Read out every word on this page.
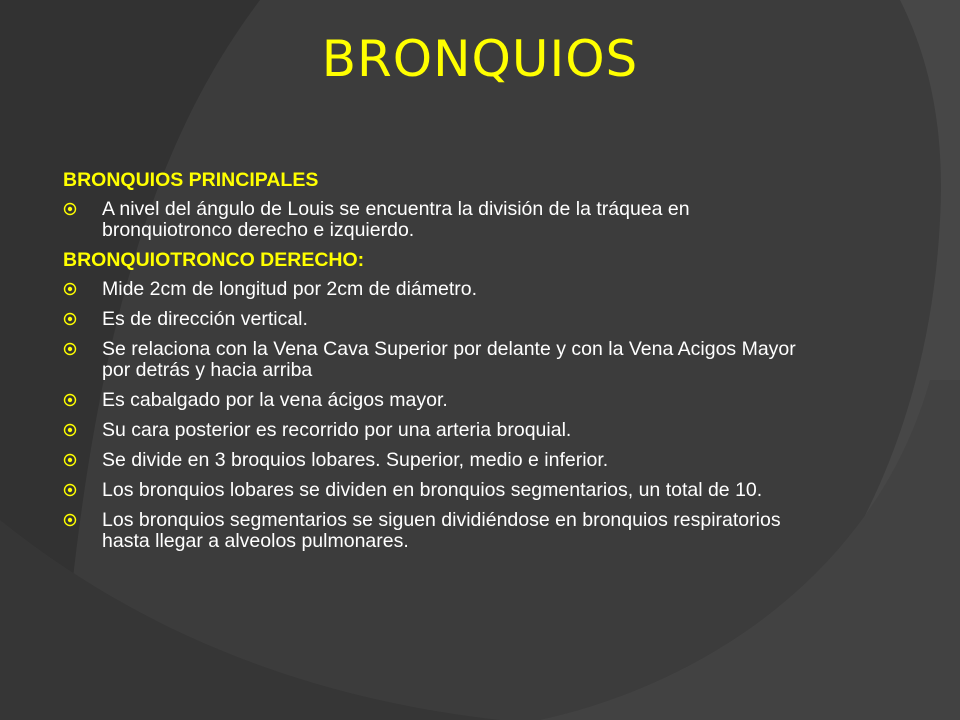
BRONQUIOS
BRONQUIOS PRINCIPALES
A nivel del ángulo de Louis se encuentra la división de la tráquea en bronquiotronco derecho e izquierdo.
BRONQUIOTRONCO DERECHO:
Mide 2cm de longitud por 2cm de diámetro.
Es de dirección vertical.
Se relaciona con la Vena Cava Superior por delante y con la Vena Acigos Mayor por detrás y hacia arriba
Es cabalgado por la vena ácigos mayor.
Su cara posterior es recorrido por una arteria broquial.
Se divide en 3 broquios lobares. Superior, medio e inferior.
Los bronquios lobares se dividen en bronquios segmentarios, un total de 10.
Los bronquios segmentarios se siguen dividiéndose en bronquios respiratorios hasta llegar a alveolos pulmonares.
